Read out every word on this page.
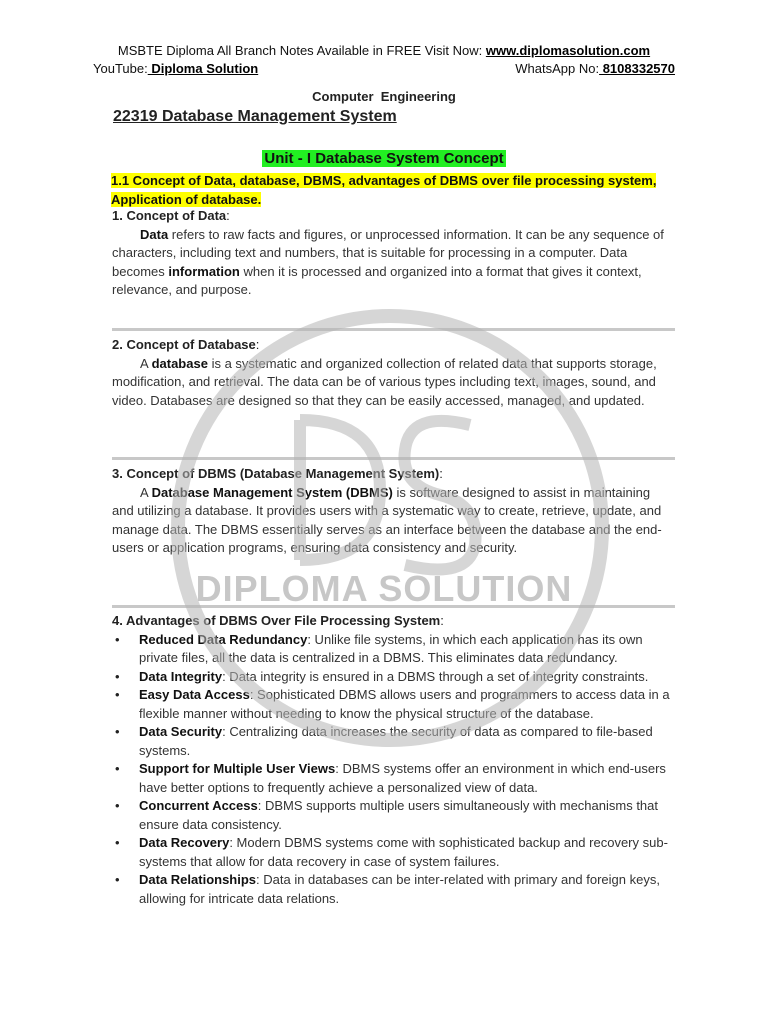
MSBTE Diploma All Branch Notes Available in FREE Visit Now: www.diplomasolution.com
YouTube: Diploma Solution	WhatsApp No: 8108332570
Computer  Engineering
22319 Database Management System
Unit - I Database System Concept
1.1 Concept of Data, database, DBMS, advantages of DBMS over file processing system,
Application of database.
1. Concept of Data:

Data refers to raw facts and figures, or unprocessed information. It can be any sequence of characters, including text and numbers, that is suitable for processing in a computer. Data becomes information when it is processed and organized into a format that gives it context, relevance, and purpose.

2. Concept of Database:

A database is a systematic and organized collection of related data that supports storage, modification, and retrieval. The data can be of various types including text, images, sound, and video. Databases are designed so that they can be easily accessed, managed, and updated.

3. Concept of DBMS (Database Management System):

A Database Management System (DBMS) is software designed to assist in maintaining and utilizing a database. It provides users with a systematic way to create, retrieve, update, and manage data. The DBMS essentially serves as an interface between the database and the end-users or application programs, ensuring data consistency and security.

4. Advantages of DBMS Over File Processing System:
• Reduced Data Redundancy: Unlike file systems, in which each application has its own private files, all the data is centralized in a DBMS. This eliminates data redundancy.
• Data Integrity: Data integrity is ensured in a DBMS through a set of integrity constraints.
• Easy Data Access: Sophisticated DBMS allows users and programmers to access data in a flexible manner without needing to know the physical structure of the database.
• Data Security: Centralizing data increases the security of data as compared to file-based systems.
• Support for Multiple User Views: DBMS systems offer an environment in which end-users have better options to frequently achieve a personalized view of data.
• Concurrent Access: DBMS supports multiple users simultaneously with mechanisms that ensure data consistency.
• Data Recovery: Modern DBMS systems come with sophisticated backup and recovery sub-systems that allow for data recovery in case of system failures.
• Data Relationships: Data in databases can be inter-related with primary and foreign keys, allowing for intricate data relations.
DIPLOMA SOLUTION
